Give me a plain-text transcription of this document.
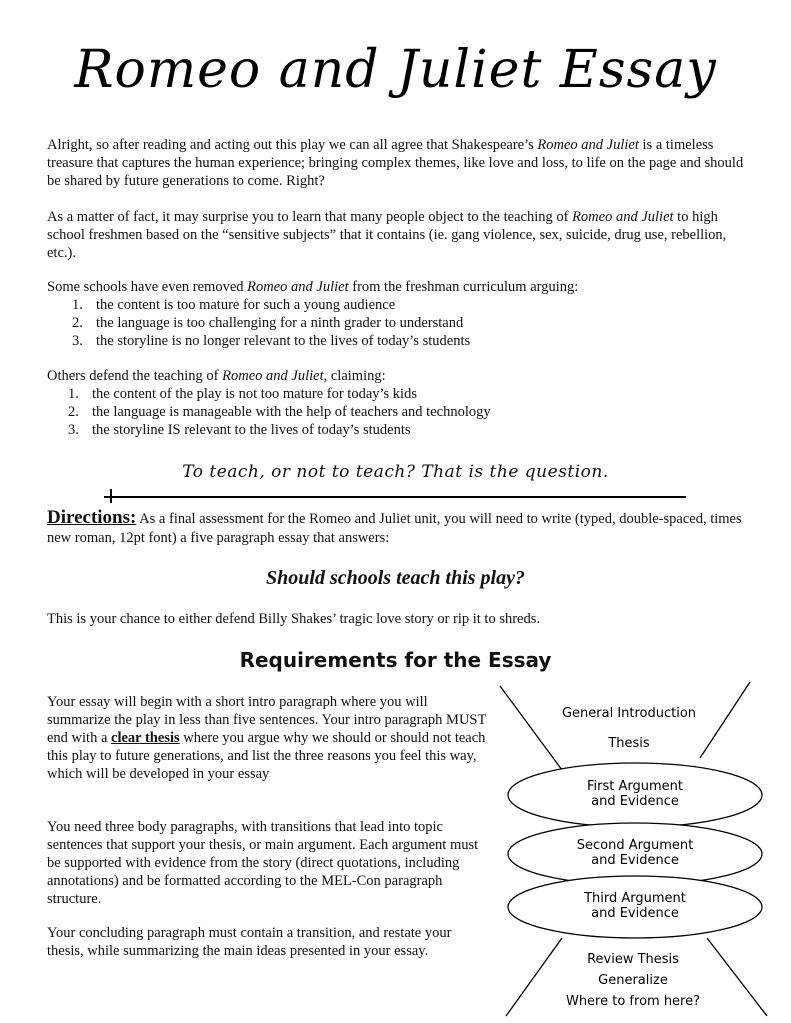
Romeo and Juliet Essay
Alright, so after reading and acting out this play we can all agree that Shakespeare’s Romeo and Juliet is a timeless treasure that captures the human experience; bringing complex themes, like love and loss, to life on the page and should be shared by future generations to come. Right?
As a matter of fact, it may surprise you to learn that many people object to the teaching of Romeo and Juliet to high school freshmen based on the “sensitive subjects” that it contains (ie. gang violence, sex, suicide, drug use, rebellion, etc.).
Some schools have even removed Romeo and Juliet from the freshman curriculum arguing:
1. the content is too mature for such a young audience
2. the language is too challenging for a ninth grader to understand
3. the storyline is no longer relevant to the lives of today’s students
Others defend the teaching of Romeo and Juliet, claiming:
1. the content of the play is not too mature for today’s kids
2. the language is manageable with the help of teachers and technology
3. the storyline IS relevant to the lives of today’s students
To teach, or not to teach? That is the question.
Directions: As a final assessment for the Romeo and Juliet unit, you will need to write (typed, double-spaced, times new roman, 12pt font) a five paragraph essay that answers:
Should schools teach this play?
This is your chance to either defend Billy Shakes’ tragic love story or rip it to shreds.
Requirements for the Essay
Your essay will begin with a short intro paragraph where you will summarize the play in less than five sentences. Your intro paragraph MUST end with a clear thesis where you argue why we should or should not teach this play to future generations, and list the three reasons you feel this way, which will be developed in your essay
You need three body paragraphs, with transitions that lead into topic sentences that support your thesis, or main argument. Each argument must be supported with evidence from the story (direct quotations, including annotations) and be formatted according to the MEL-Con paragraph structure.
Your concluding paragraph must contain a transition, and restate your thesis, while summarizing the main ideas presented in your essay.
General Introduction
Thesis
First Argument
and Evidence
Second Argument
and Evidence
Third Argument
and Evidence
Review Thesis
Generalize
Where to from here?
